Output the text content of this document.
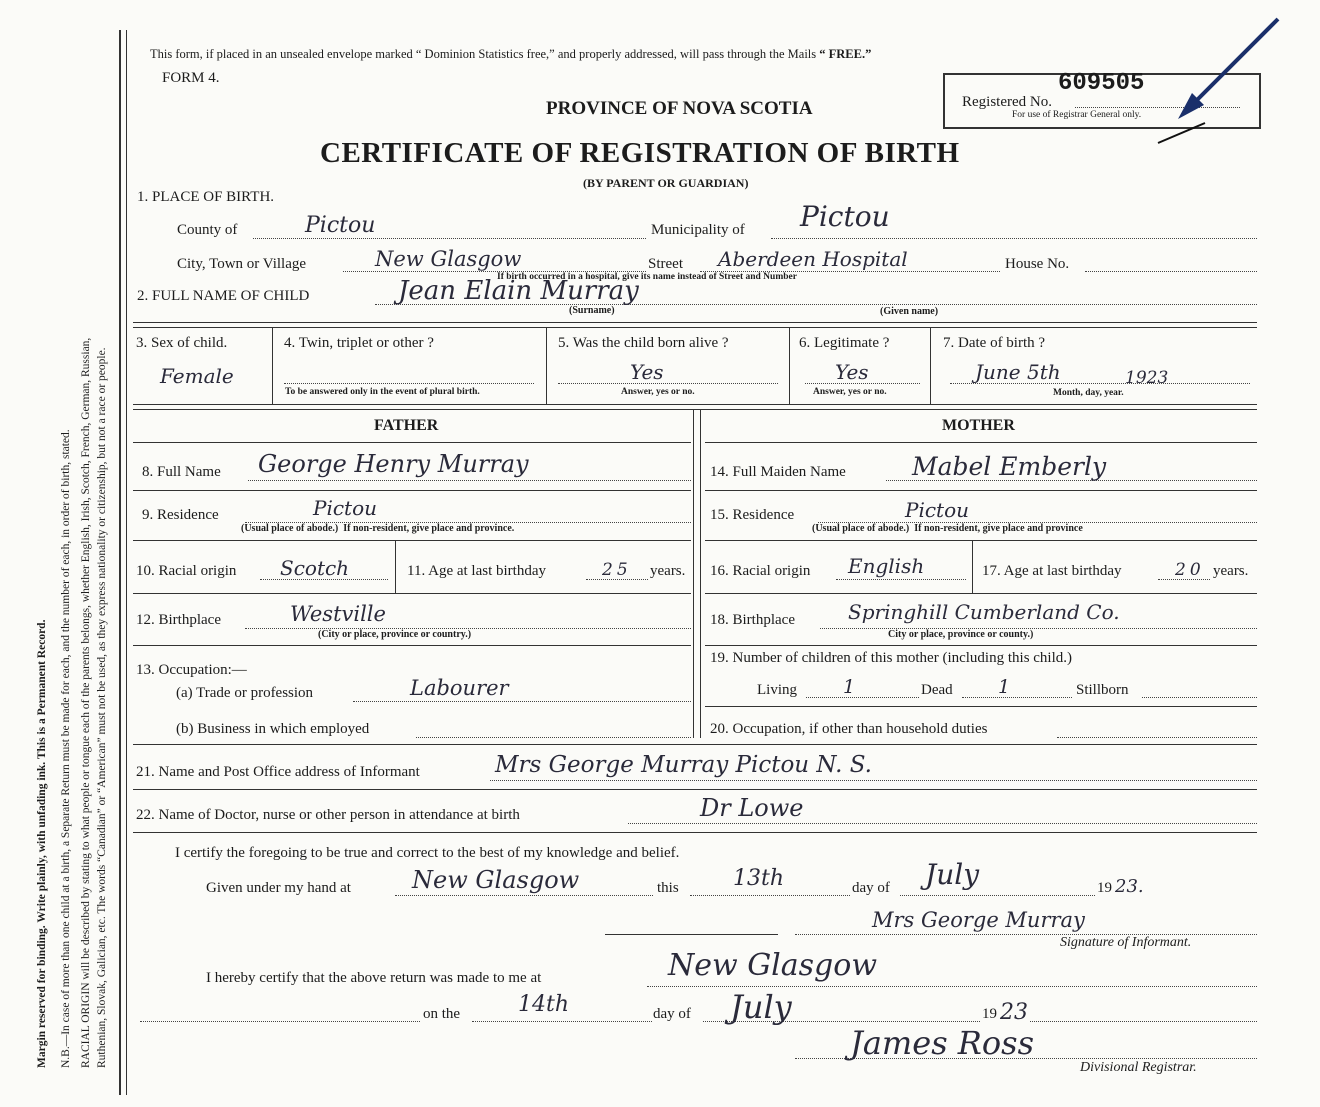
Margin reserved for binding. Write plainly, with unfading ink. This is a Permanent Record. N.B.—In case of more than one child at a birth, a Separate Return must be made for each, and the number of each, in order of birth, stated. RACIAL ORIGIN will be described by stating to what people or tongue each of the parents belongs, whether English, Irish, Scotch, French, German, Russian, Ruthenian, Slovak, Galician, etc. The words “Canadian” or “American” must not be used, as they express nationality or citizenship, but not a race or people.
This form, if placed in an unsealed envelope marked “ Dominion Statistics free,” and properly addressed, will pass through the Mails “ FREE.”
FORM 4.
PROVINCE OF NOVA SCOTIA
CERTIFICATE OF REGISTRATION OF BIRTH
(BY PARENT OR GUARDIAN)
Registered No.
609505
For use of Registrar General only.
1. PLACE OF BIRTH.
County of	Pictou	Municipality of Pictou
City, Town or Village	New Glasgow	Street Aberdeen Hospital
If birth occurred in a hospital, give its name instead of Street and Number
House No.
2. FULL NAME OF CHILD	Jean Elain Murray
(Surname)	(Given name)
3. Sex of child.
Female
4. Twin, triplet or other ?
To be answered only in the event of plural birth.
5. Was the child born alive ?
Yes
Answer, yes or no.
6. Legitimate ?
Yes
Answer, yes or no.
7. Date of birth ?
June 5th	1923
Month, day, year.
FATHER	MOTHER
8. Full Name George Henry Murray
9. Residence	Pictou
(Usual place of abode.) If non-resident, give place and province.
10. Racial origin Scotch	11. Age at last birthday	25 years.
12. Birthplace	Westville
(City or place, province or country.)
13. Occupation:—
(a) Trade or profession	Labourer
(b) Business in which employed
14. Full Maiden Name	Mabel Emberly
15. Residence	Pictou
(Usual place of abode.) If non-resident, give place and province
16. Racial origin English	17. Age at last birthday	20 years.
18. Birthplace	Springhill Cumberland Co.
City or place, province or county.)
19. Number of children of this mother (including this child.)
Living 1	Dead 1	Stillborn
20. Occupation, if other than household duties
21. Name and Post Office address of Informant	Mrs George Murray Pictou N. S.
22. Name of Doctor, nurse or other person in attendance at birth	Dr Lowe
I certify the foregoing to be true and correct to the best of my knowledge and belief.
Given under my hand at	New Glasgow	this 13th	day of July	19 23.
Mrs George Murray
Signature of Informant.
I hereby certify that the above return was made to me at	New Glasgow
on the	14th	day of July	19 23
James Ross
Divisional Registrar.
